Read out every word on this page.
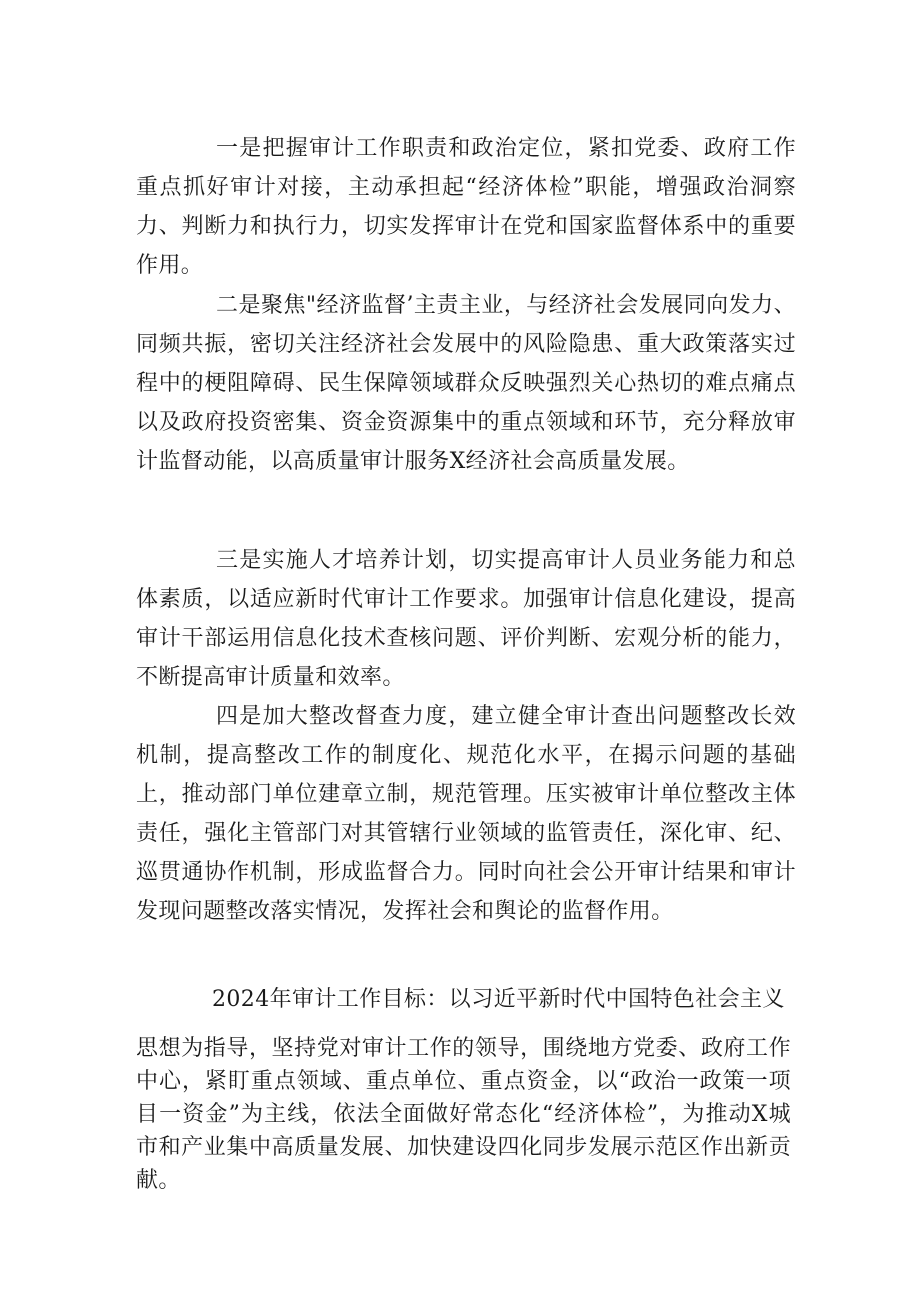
一是把握审计工作职责和政治定位，紧扣党委、政府工作重点抓好审计对接，主动承担起“经济体检”职能，增强政治洞察力、判断力和执行力，切实发挥审计在党和国家监督体系中的重要作用。

二是聚焦"经济监督’主责主业，与经济社会发展同向发力、同频共振，密切关注经济社会发展中的风险隐患、重大政策落实过程中的梗阻障碍、民生保障领域群众反映强烈关心热切的难点痛点以及政府投资密集、资金资源集中的重点领域和环节，充分释放审计监督动能，以高质量审计服务X经济社会高质量发展。

三是实施人才培养计划，切实提高审计人员业务能力和总体素质，以适应新时代审计工作要求。加强审计信息化建设，提高审计干部运用信息化技术查核问题、评价判断、宏观分析的能力，不断提高审计质量和效率。

四是加大整改督查力度，建立健全审计查出问题整改长效机制，提高整改工作的制度化、规范化水平，在揭示问题的基础上，推动部门单位建章立制，规范管理。压实被审计单位整改主体责任，强化主管部门对其管辖行业领域的监管责任，深化审、纪、巡贯通协作机制，形成监督合力。同时向社会公开审计结果和审计发现问题整改落实情况，发挥社会和舆论的监督作用。

2024年审计工作目标：以习近平新时代中国特色社会主义

思想为指导，坚持党对审计工作的领导，围绕地方党委、政府工作中心，紧盯重点领域、重点单位、重点资金，以“政治一政策一项目一资金”为主线，依法全面做好常态化“经济体检”，为推动X城市和产业集中高质量发展、加快建设四化同步发展示范区作出新贡献。
